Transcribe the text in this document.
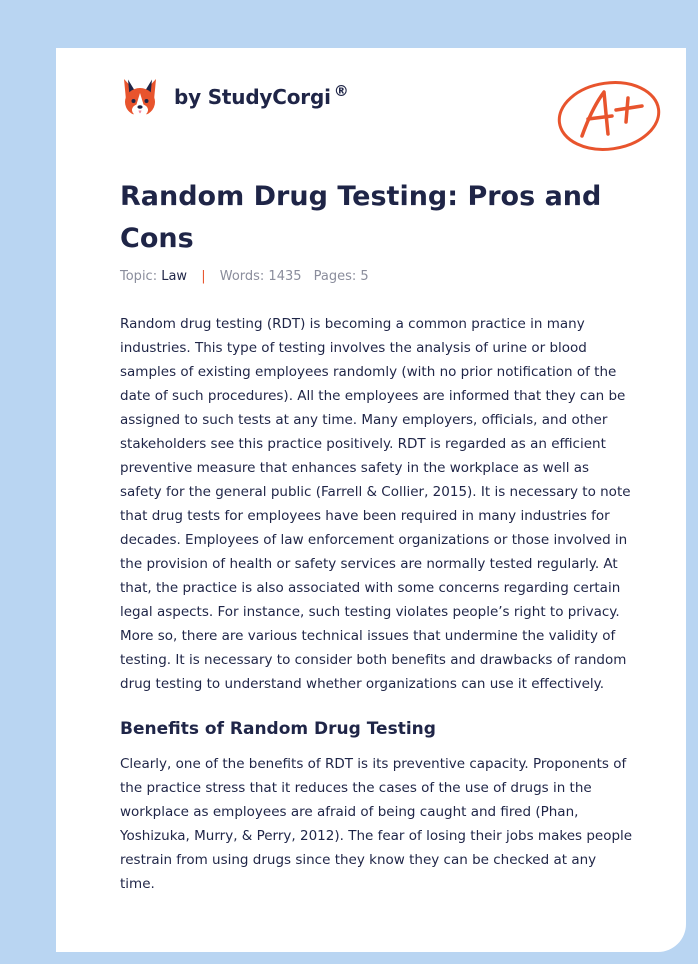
by StudyCorgi ®
Random Drug Testing: Pros and Cons
Topic: Law | Words: 1435 Pages: 5

Random drug testing (RDT) is becoming a common practice in many industries. This type of testing involves the analysis of urine or blood samples of existing employees randomly (with no prior notification of the date of such procedures). All the employees are informed that they can be assigned to such tests at any time. Many employers, officials, and other stakeholders see this practice positively. RDT is regarded as an efficient preventive measure that enhances safety in the workplace as well as safety for the general public (Farrell & Collier, 2015). It is necessary to note that drug tests for employees have been required in many industries for decades. Employees of law enforcement organizations or those involved in the provision of health or safety services are normally tested regularly. At that, the practice is also associated with some concerns regarding certain legal aspects. For instance, such testing violates people’s right to privacy. More so, there are various technical issues that undermine the validity of testing. It is necessary to consider both benefits and drawbacks of random drug testing to understand whether organizations can use it effectively.

Benefits of Random Drug Testing

Clearly, one of the benefits of RDT is its preventive capacity. Proponents of the practice stress that it reduces the cases of the use of drugs in the workplace as employees are afraid of being caught and fired (Phan, Yoshizuka, Murry, & Perry, 2012). The fear of losing their jobs makes people restrain from using drugs since they know they can be checked at any time.
